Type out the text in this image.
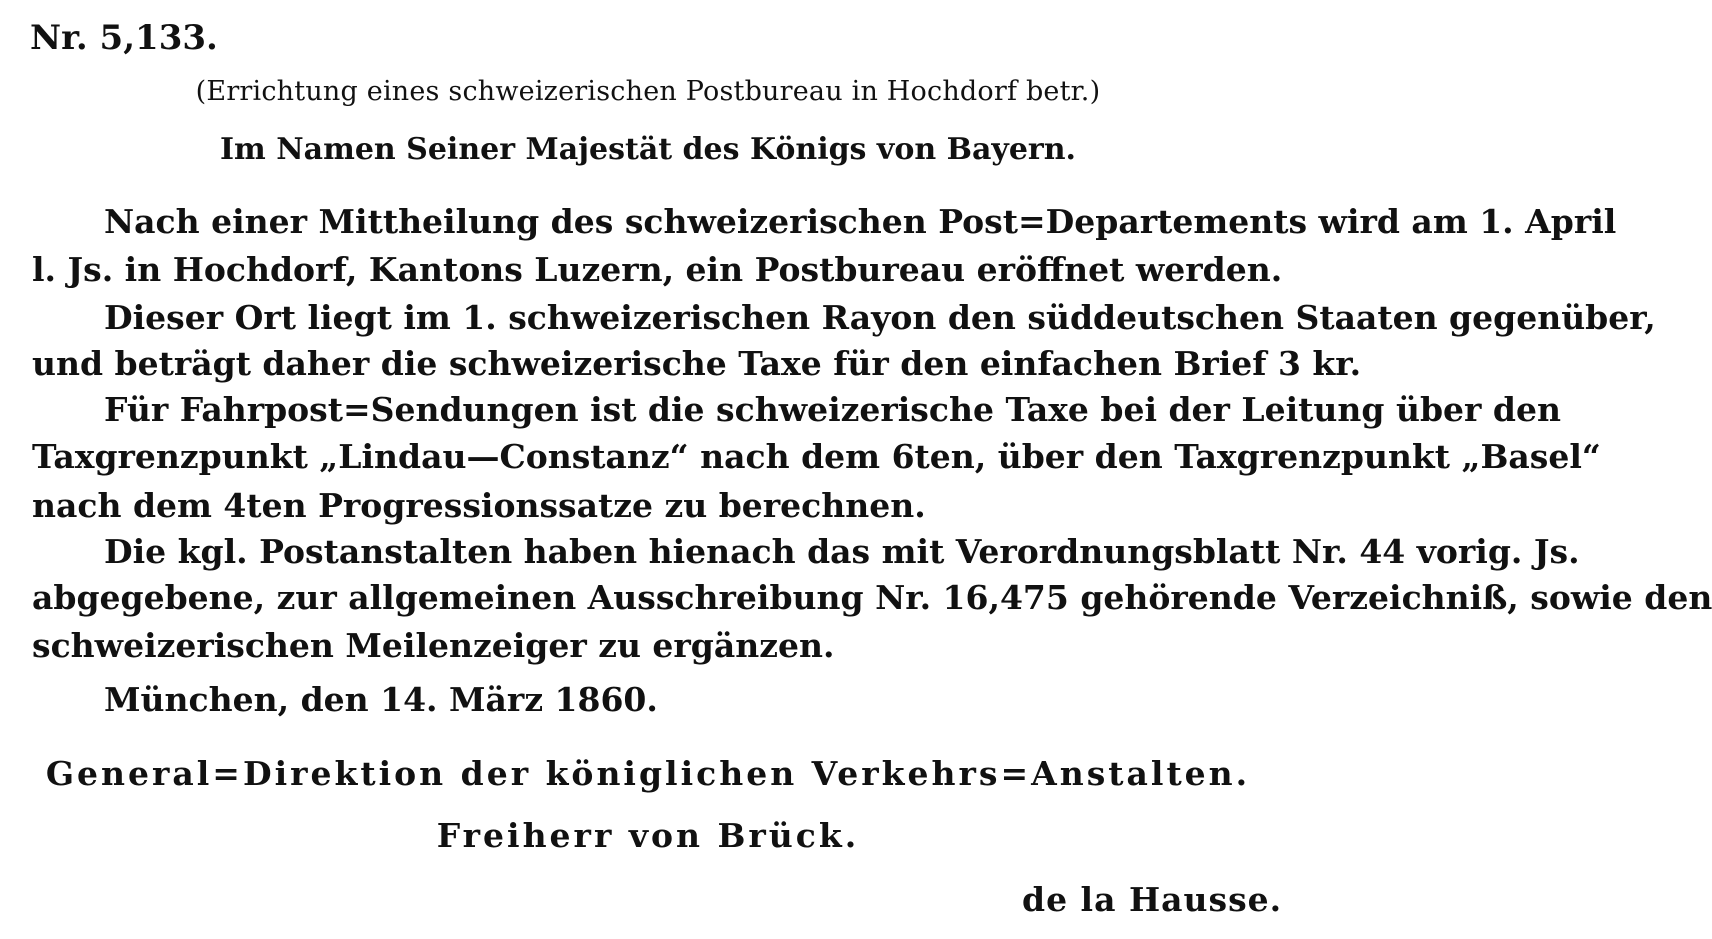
Nr. 5,133.
(Errichtung eines schweizerischen Postbureau in Hochdorf betr.)
Im Namen Seiner Majestät des Königs von Bayern.
Nach einer Mittheilung des schweizerischen Post=Departements wird am 1. April
l. Js. in Hochdorf, Kantons Luzern, ein Postbureau eröffnet werden.
Dieser Ort liegt im 1. schweizerischen Rayon den süddeutschen Staaten gegenüber,
und beträgt daher die schweizerische Taxe für den einfachen Brief 3 kr.
Für Fahrpost=Sendungen ist die schweizerische Taxe bei der Leitung über den
Taxgrenzpunkt „Lindau—Constanz“ nach dem 6ten, über den Taxgrenzpunkt „Basel“
nach dem 4ten Progressionssatze zu berechnen.
Die kgl. Postanstalten haben hienach das mit Verordnungsblatt Nr. 44 vorig. Js.
abgegebene, zur allgemeinen Ausschreibung Nr. 16,475 gehörende Verzeichniß, sowie den
schweizerischen Meilenzeiger zu ergänzen.
München, den 14. März 1860.
General=Direktion der königlichen Verkehrs=Anstalten.
Freiherr von Brück.
de la Hausse.
